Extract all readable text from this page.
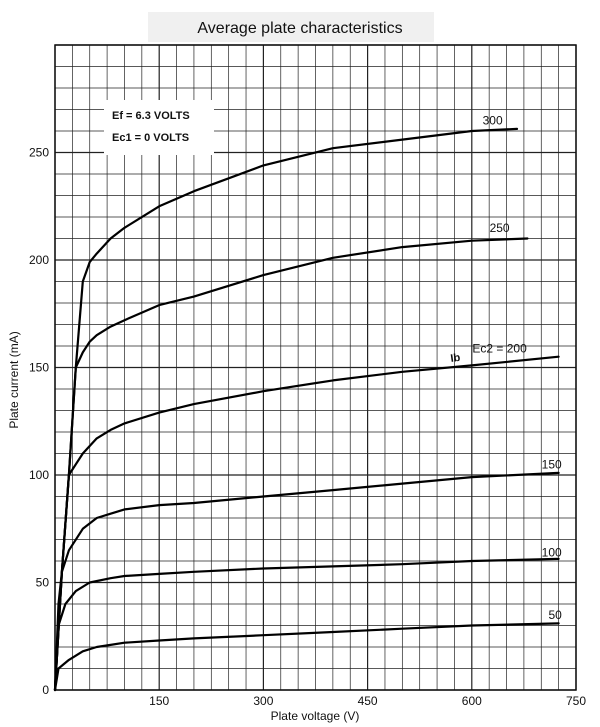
150	300	450	600	750
0
50
100
150
200
250
50
100
150
Ec2 = 200
250
300
Average plate characteristics
Plate voltage (V)
Plate current (mA)
Ef = 6.3 VOLTS
Ec1 = 0 VOLTS
Ib
